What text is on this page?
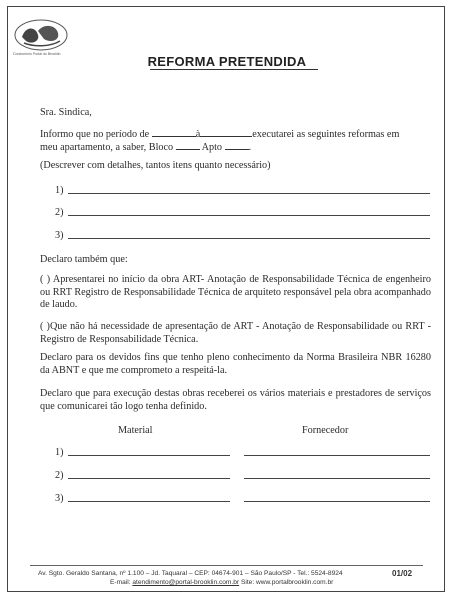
Condomínio Portal do Brooklin	REFORMA PRETENDIDA
Sra. Sindica,
Informo que no período de	à	executarei as seguintes reformas em
meu apartamento, a saber, Bloco	Apto	.
(Descrever com detalhes, tantos itens quanto necessário)
1)
2)
3)
Declaro também que:
( ) Apresentarei no início da obra ART- Anotação de Responsabilidade Técnica de engenheiro ou RRT Registro de Responsabilidade Técnica de arquiteto responsável pela obra acompanhado de laudo.
( )Que não há necessidade de apresentação de ART - Anotação de Responsabilidade ou RRT - Registro de Responsabilidade Técnica.
Declaro para os devidos fins que tenho pleno conhecimento da Norma Brasileira NBR 16280 da ABNT e que me comprometo a respeitá-la.
Declaro que para execução destas obras receberei os vários materiais e prestadores de serviços que comunicarei tão logo tenha definido.
Material	Fornecedor
1)
2)
3)
Av. Sgto. Geraldo Santana, nº 1.100 – Jd. Taquaral – CEP: 04674-901 – São Paulo/SP - Tel.: 5524-8924	01/02
E-mail: atendimento@portal-brooklin.com.br Site: www.portalbrooklin.com.br
